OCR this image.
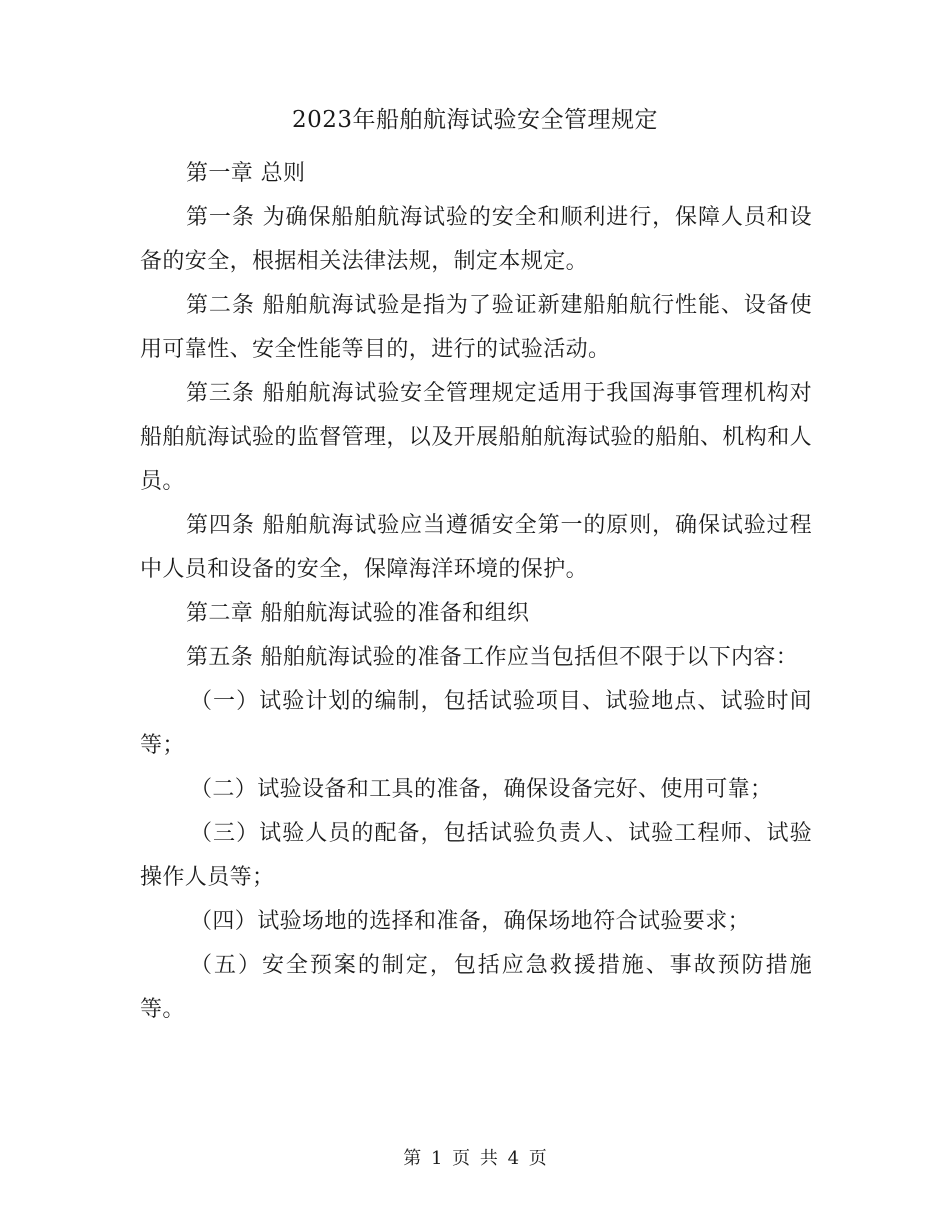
2023年船舶航海试验安全管理规定

第一章 总则

第一条 为确保船舶航海试验的安全和顺利进行，保障人员和设备的安全，根据相关法律法规，制定本规定。

第二条 船舶航海试验是指为了验证新建船舶航行性能、设备使用可靠性、安全性能等目的，进行的试验活动。

第三条 船舶航海试验安全管理规定适用于我国海事管理机构对船舶航海试验的监督管理，以及开展船舶航海试验的船舶、机构和人员。

第四条 船舶航海试验应当遵循安全第一的原则，确保试验过程中人员和设备的安全，保障海洋环境的保护。

第二章 船舶航海试验的准备和组织

第五条 船舶航海试验的准备工作应当包括但不限于以下内容：

（一）试验计划的编制，包括试验项目、试验地点、试验时间等；

（二）试验设备和工具的准备，确保设备完好、使用可靠；

（三）试验人员的配备，包括试验负责人、试验工程师、试验操作人员等；

（四）试验场地的选择和准备，确保场地符合试验要求；

（五）安全预案的制定，包括应急救援措施、事故预防措施等。

第 1 页 共 4 页
